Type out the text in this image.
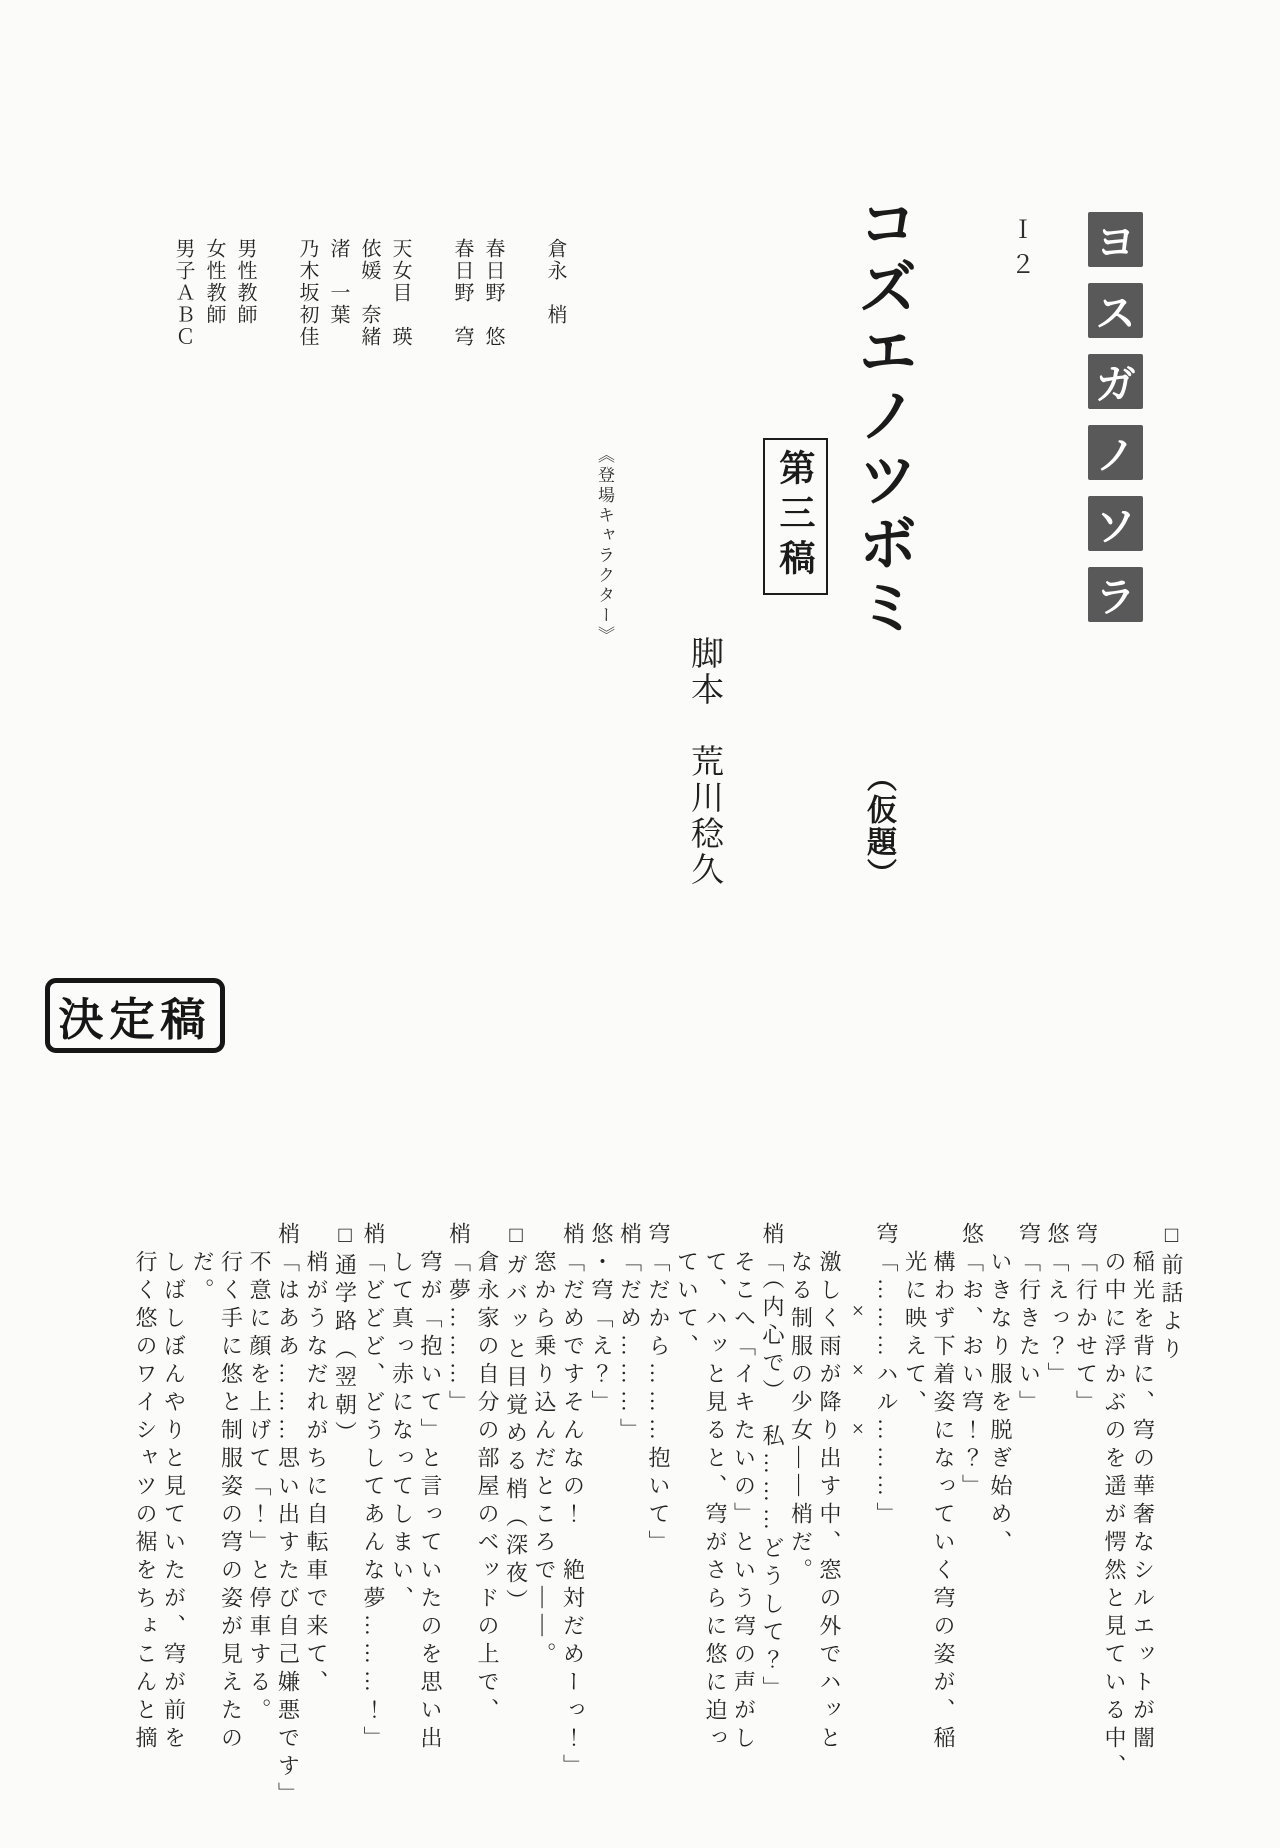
Ｉ２ ヨ
ス
ガ
ノ
ソ
ラ
コズエノツボミ
（仮題）
第三稿
脚本　荒川稔久
《登場キャラクター》
倉永　梢
春日野　悠
春日野　穹
天女目　瑛
依媛　奈緒
渚　一葉
乃木坂初佳
男性教師
女性教師
男子ＡＢＣ
決定稿
□前話より
稲光を背に、穹の華奢なシルエットが闇
の中に浮かぶのを遥が愕然と見ている中、
穹「行かせて」
悠「えっ？」
穹「行きたい」
いきなり服を脱ぎ始め、
悠「お、おい穹！？」
構わず下着姿になっていく穹の姿が、稲
光に映えて、
穹「………ハル………」
×　×　×
激しく雨が降り出す中、窓の外でハッと
なる制服の少女――梢だ。
梢「（内心で）　私………どうして？」
そこへ「イキたいの」という穹の声がし
て、ハッと見ると、穹がさらに悠に迫っ
ていて、
穹「だから………抱いて」
梢「だめ………」
悠・穹「え？」
梢「だめですそんなの！　絶対だめーっ！」
窓から乗り込んだところで――。
□ガバッと目覚める梢（深夜）
倉永家の自分の部屋のベッドの上で、
梢「夢………」
穹が「抱いて」と言っていたのを思い出
して真っ赤になってしまい、
梢「どどど、どうしてあんな夢………！」
□通学路（翌朝）
梢がうなだれがちに自転車で来て、
梢「はああ………思い出すたび自己嫌悪です」
不意に顔を上げて「！」と停車する。
行く手に悠と制服姿の穹の姿が見えたの
だ。
しばしぼんやりと見ていたが、穹が前を
行く悠のワイシャツの裾をちょこんと摘
